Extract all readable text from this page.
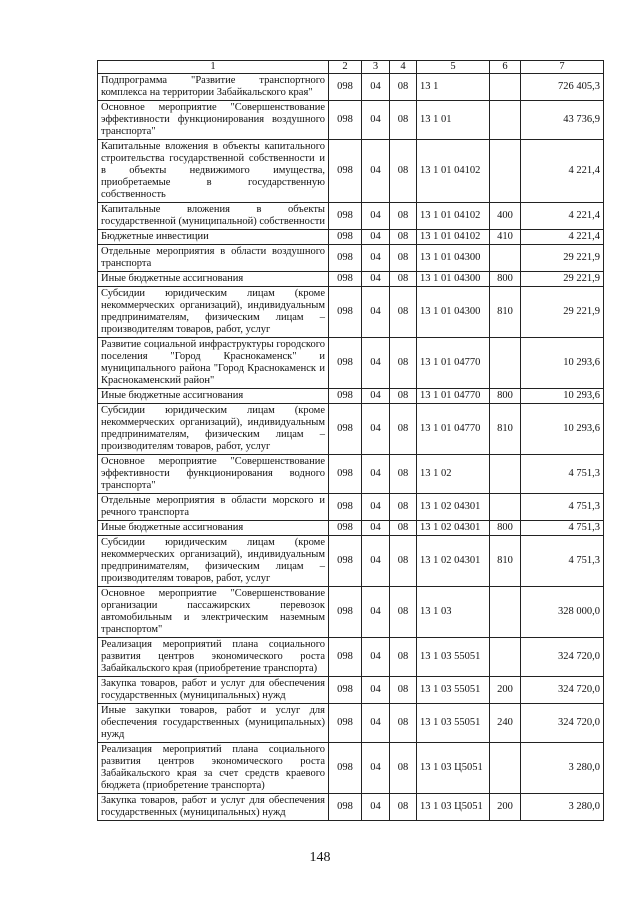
1	2	3	4	5	6	7
Подпрограмма "Развитие транспортного комплекса на территории Забайкальского края"	098	04	08	13 1		726 405,3
Основное мероприятие "Совершенствование эффективности функционирования воздушного транспорта"	098	04	08	13 1 01		43 736,9
Капитальные вложения в объекты капитального строительства государственной собственности и в объекты недвижимого имущества, приобретаемые в государственную собственность	098	04	08	13 1 01 04102		4 221,4
Капитальные вложения в объекты государственной (муниципальной) собственности	098	04	08	13 1 01 04102	400	4 221,4
Бюджетные инвестиции	098	04	08	13 1 01 04102	410	4 221,4
Отдельные мероприятия в области воздушного транспорта	098	04	08	13 1 01 04300		29 221,9
Иные бюджетные ассигнования	098	04	08	13 1 01 04300	800	29 221,9
Субсидии юридическим лицам (кроме некоммерческих организаций), индивидуальным предпринимателям, физическим лицам – производителям товаров, работ, услуг	098	04	08	13 1 01 04300	810	29 221,9
Развитие социальной инфраструктуры городского поселения "Город Краснокаменск" и муниципального района "Город Краснокаменск и Краснокаменский район"	098	04	08	13 1 01 04770		10 293,6
Иные бюджетные ассигнования	098	04	08	13 1 01 04770	800	10 293,6
Субсидии юридическим лицам (кроме некоммерческих организаций), индивидуальным предпринимателям, физическим лицам – производителям товаров, работ, услуг	098	04	08	13 1 01 04770	810	10 293,6
Основное мероприятие "Совершенствование эффективности функционирования водного транспорта"	098	04	08	13 1 02		4 751,3
Отдельные мероприятия в области морского и речного транспорта	098	04	08	13 1 02 04301		4 751,3
Иные бюджетные ассигнования	098	04	08	13 1 02 04301	800	4 751,3
Субсидии юридическим лицам (кроме некоммерческих организаций), индивидуальным предпринимателям, физическим лицам – производителям товаров, работ, услуг	098	04	08	13 1 02 04301	810	4 751,3
Основное мероприятие "Совершенствование организации пассажирских перевозок автомобильным и электрическим наземным транспортом"	098	04	08	13 1 03		328 000,0
Реализация мероприятий плана социального развития центров экономического роста Забайкальского края (приобретение транспорта)	098	04	08	13 1 03 55051		324 720,0
Закупка товаров, работ и услуг для обеспечения государственных (муниципальных) нужд	098	04	08	13 1 03 55051	200	324 720,0
Иные закупки товаров, работ и услуг для обеспечения государственных (муниципальных) нужд	098	04	08	13 1 03 55051	240	324 720,0
Реализация мероприятий плана социального развития центров экономического роста Забайкальского края за счет средств краевого бюджета (приобретение транспорта)	098	04	08	13 1 03 Ц5051		3 280,0
Закупка товаров, работ и услуг для обеспечения государственных (муниципальных) нужд	098	04	08	13 1 03 Ц5051	200	3 280,0
148
